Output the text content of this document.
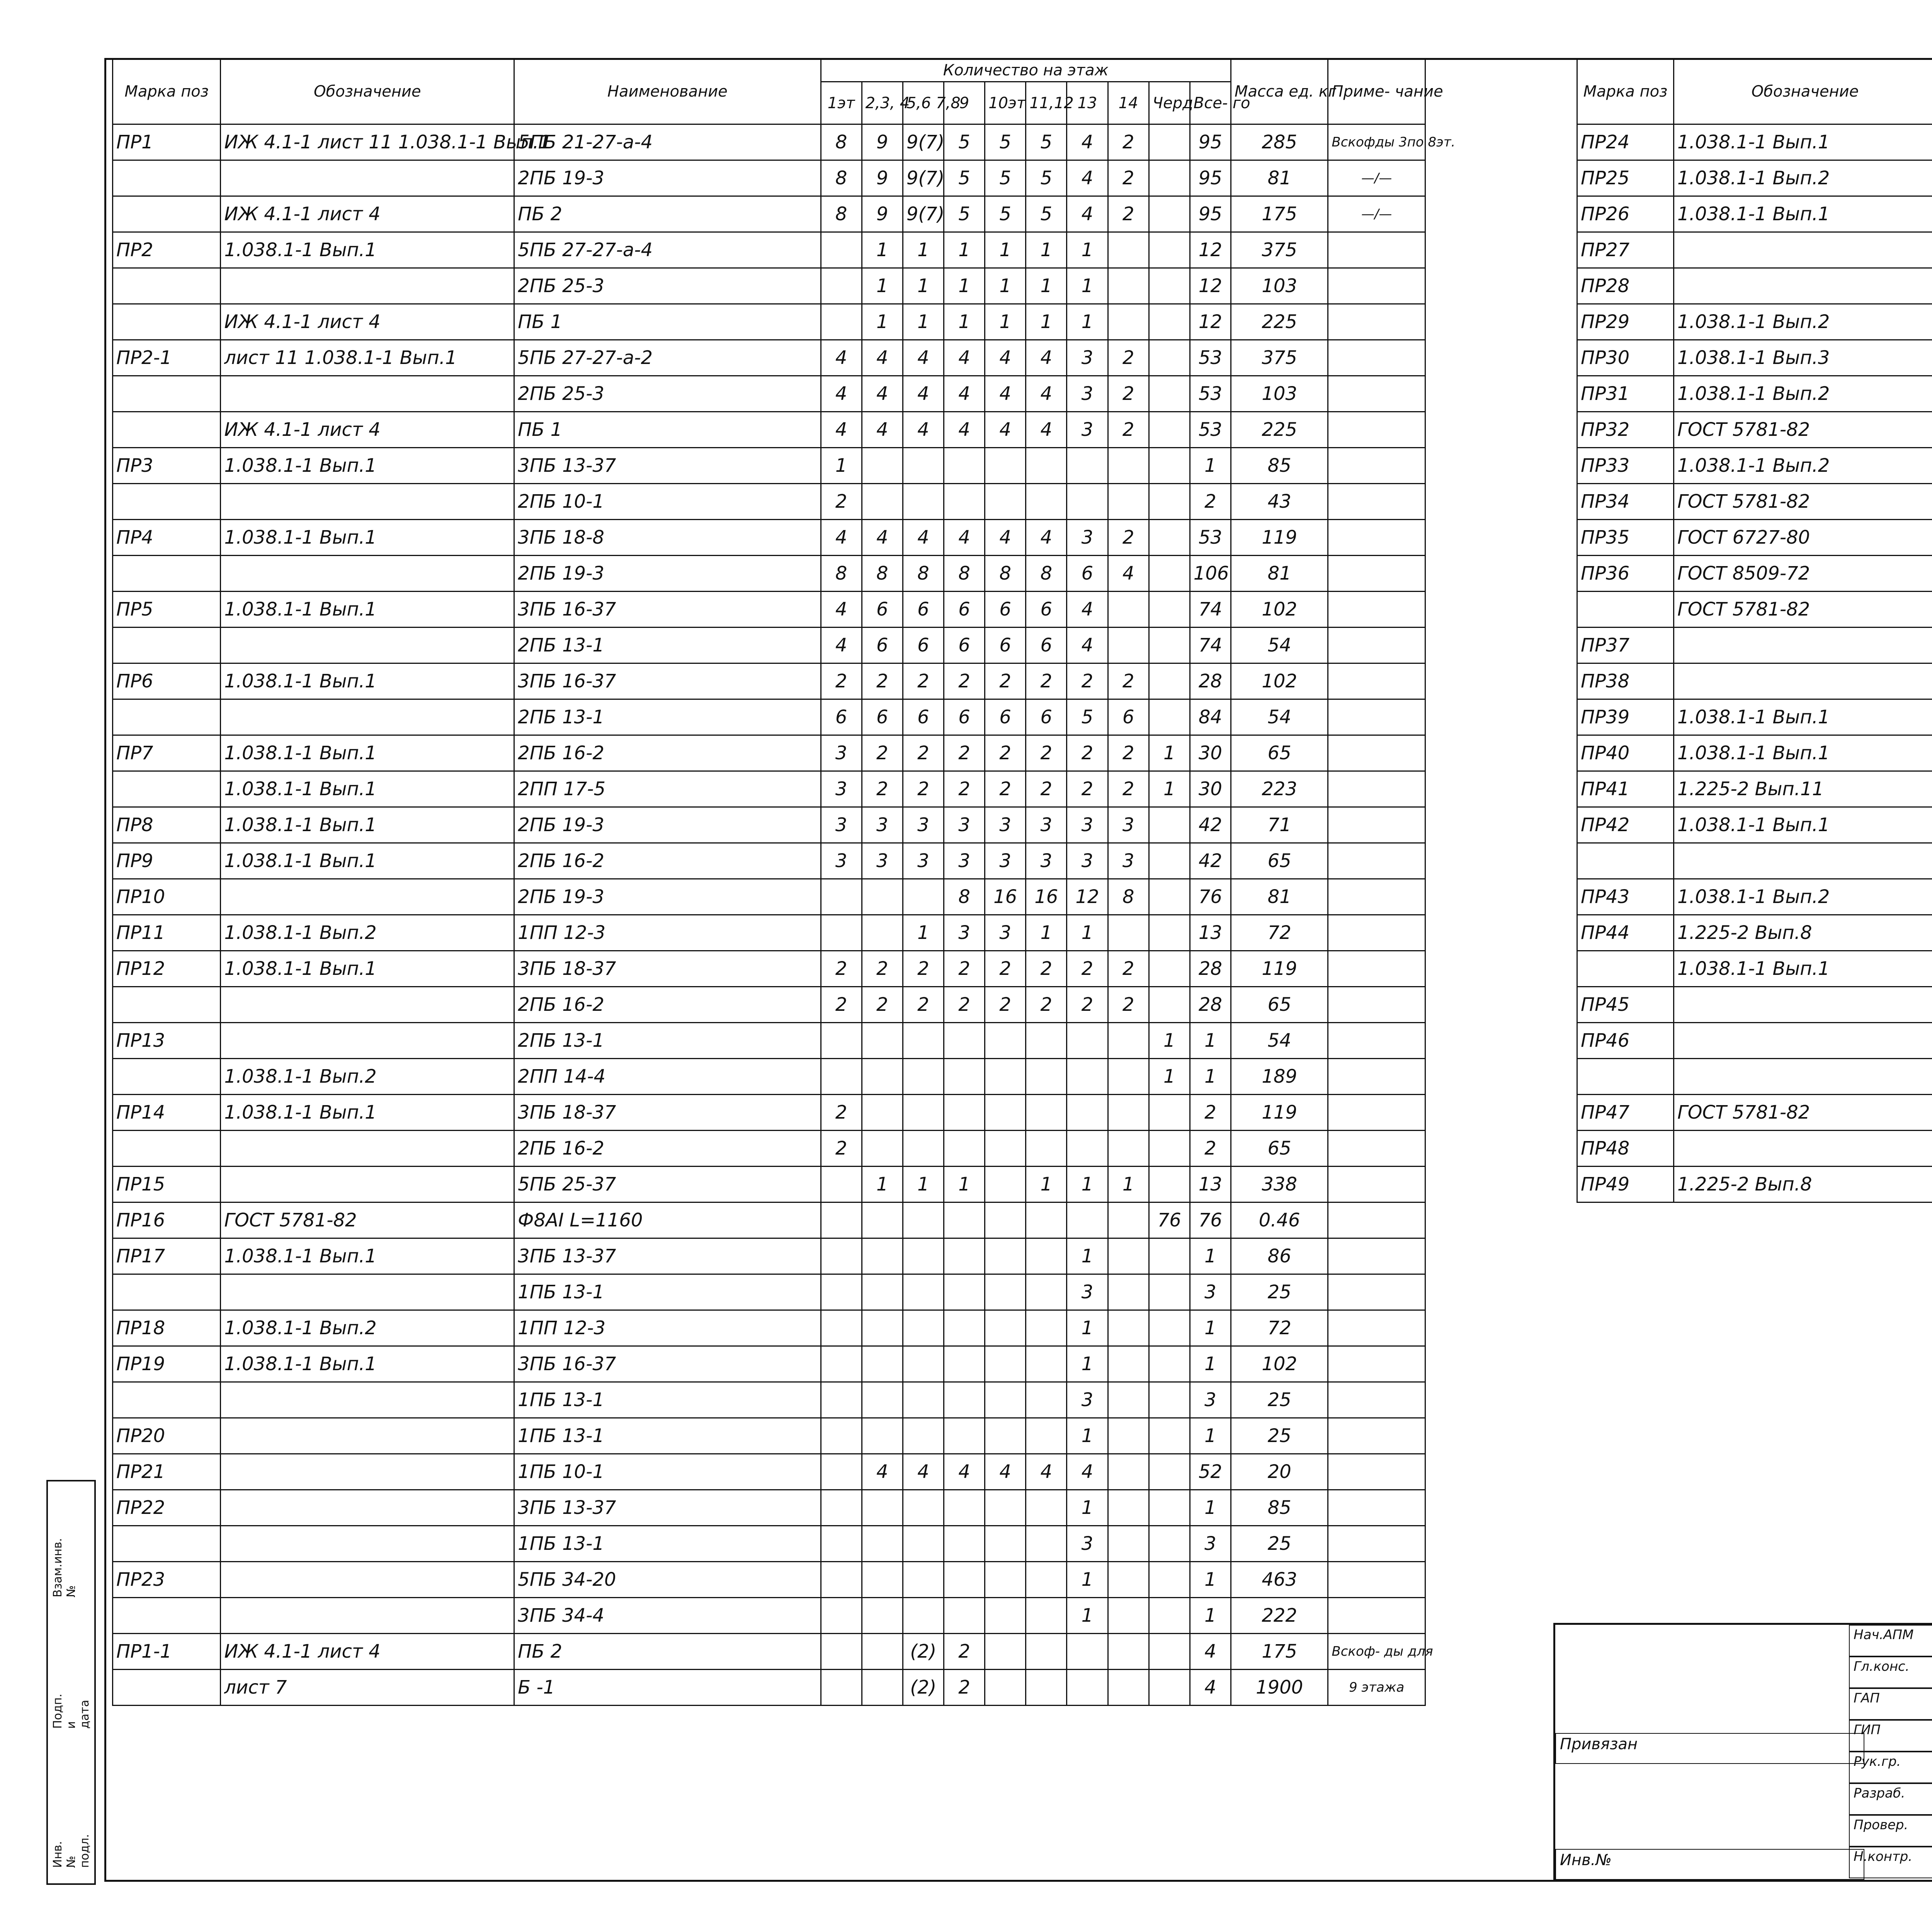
Марка поз	Обозначение	Наименование	Количество на этаж										Масса ед. кг	Приме- чание
			1эт	2,3, 4	5,6 7,8	9	10эт	11,12	13	14	Черд	Все- го		
ПР1	ИЖ 4.1-1 лист 11 1.038.1-1 Вып.1	5ПБ 21-27-а-4	8	9	9(7)	5	5	5	4	2		95	285	Вскофды 3по 8эт.
		2ПБ 19-3	8	9	9(7)	5	5	5	4	2		95	81	—/—
	ИЖ 4.1-1 лист 4	ПБ 2	8	9	9(7)	5	5	5	4	2		95	175	—/—
ПР2	1.038.1-1 Вып.1	5ПБ 27-27-а-4		1	1	1	1	1	1			12	375	
		2ПБ 25-3		1	1	1	1	1	1			12	103	
	ИЖ 4.1-1 лист 4	ПБ 1		1	1	1	1	1	1			12	225	
ПР2-1	лист 11 1.038.1-1 Вып.1	5ПБ 27-27-а-2	4	4	4	4	4	4	3	2		53	375	
		2ПБ 25-3	4	4	4	4	4	4	3	2		53	103	
	ИЖ 4.1-1 лист 4	ПБ 1	4	4	4	4	4	4	3	2		53	225	
ПР3	1.038.1-1 Вып.1	3ПБ 13-37	1									1	85	
		2ПБ 10-1	2									2	43	
ПР4	1.038.1-1 Вып.1	3ПБ 18-8	4	4	4	4	4	4	3	2		53	119	
		2ПБ 19-3	8	8	8	8	8	8	6	4		106	81	
ПР5	1.038.1-1 Вып.1	3ПБ 16-37	4	6	6	6	6	6	4			74	102	
		2ПБ 13-1	4	6	6	6	6	6	4			74	54	
ПР6	1.038.1-1 Вып.1	3ПБ 16-37	2	2	2	2	2	2	2	2		28	102	
		2ПБ 13-1	6	6	6	6	6	6	5	6		84	54	
ПР7	1.038.1-1 Вып.1	2ПБ 16-2	3	2	2	2	2	2	2	2	1	30	65	
	1.038.1-1 Вып.1	2ПП 17-5	3	2	2	2	2	2	2	2	1	30	223	
ПР8	1.038.1-1 Вып.1	2ПБ 19-3	3	3	3	3	3	3	3	3		42	71	
ПР9	1.038.1-1 Вып.1	2ПБ 16-2	3	3	3	3	3	3	3	3		42	65	
ПР10		2ПБ 19-3				8	16	16	12	8		76	81	
ПР11	1.038.1-1 Вып.2	1ПП 12-3			1	3	3	1	1			13	72	
ПР12	1.038.1-1 Вып.1	3ПБ 18-37	2	2	2	2	2	2	2	2		28	119	
		2ПБ 16-2	2	2	2	2	2	2	2	2		28	65	
ПР13		2ПБ 13-1									1	1	54	
	1.038.1-1 Вып.2	2ПП 14-4									1	1	189	
ПР14	1.038.1-1 Вып.1	3ПБ 18-37	2									2	119	
		2ПБ 16-2	2									2	65	
ПР15		5ПБ 25-37		1	1	1		1	1	1		13	338	
ПР16	ГОСТ 5781-82	Ф8АI L=1160									76	76	0.46	
ПР17	1.038.1-1 Вып.1	3ПБ 13-37							1			1	86	
		1ПБ 13-1							3			3	25	
ПР18	1.038.1-1 Вып.2	1ПП 12-3							1			1	72	
ПР19	1.038.1-1 Вып.1	3ПБ 16-37							1			1	102	
		1ПБ 13-1							3			3	25	
ПР20		1ПБ 13-1							1			1	25	
ПР21		1ПБ 10-1		4	4	4	4	4	4			52	20	
ПР22		3ПБ 13-37							1			1	85	
		1ПБ 13-1							3			3	25	
ПР23		5ПБ 34-20							1			1	463	
		3ПБ 34-4							1			1	222	
ПР1-1	ИЖ 4.1-1 лист 4	ПБ 2			(2)	2						4	175	Вскоф- ды для
	лист 7	Б -1			(2)	2						4	1900	9 этажа
Марка поз	Обозначение				

ПР24	1.038.1-1 Вып.1							
ПР25	1.038.1-1 Вып.2							
ПР26	1.038.1-1 Вып.1							
ПР27								
ПР28								
ПР29	1.038.1-1 Вып.2							
ПР30	1.038.1-1 Вып.3							
ПР31	1.038.1-1 Вып.2							
ПР32	ГОСТ 5781-82							
ПР33	1.038.1-1 Вып.2							
ПР34	ГОСТ 5781-82							
ПР35	ГОСТ 6727-80							
ПР36	ГОСТ 8509-72							
	ГОСТ 5781-82							
ПР37								
ПР38								
ПР39	1.038.1-1 Вып.1							
ПР40	1.038.1-1 Вып.1							
ПР41	1.225-2 Вып.11							
ПР42	1.038.1-1 Вып.1							

ПР43	1.038.1-1 Вып.2							
ПР44	1.225-2 Вып.8							
	1.038.1-1 Вып.1							
ПР45								
ПР46								

ПР47	ГОСТ 5781-82							
ПР48								
ПР49	1.225-2 Вып.8							
Инв.№ подл.
Подп. и дата
Взам.инв.№
Привязан
Инв.№
Нач.АПМ
Гл.конс.
ГАП
ГИП
Рук.гр.
Разраб.
Провер.
Н.контр.
